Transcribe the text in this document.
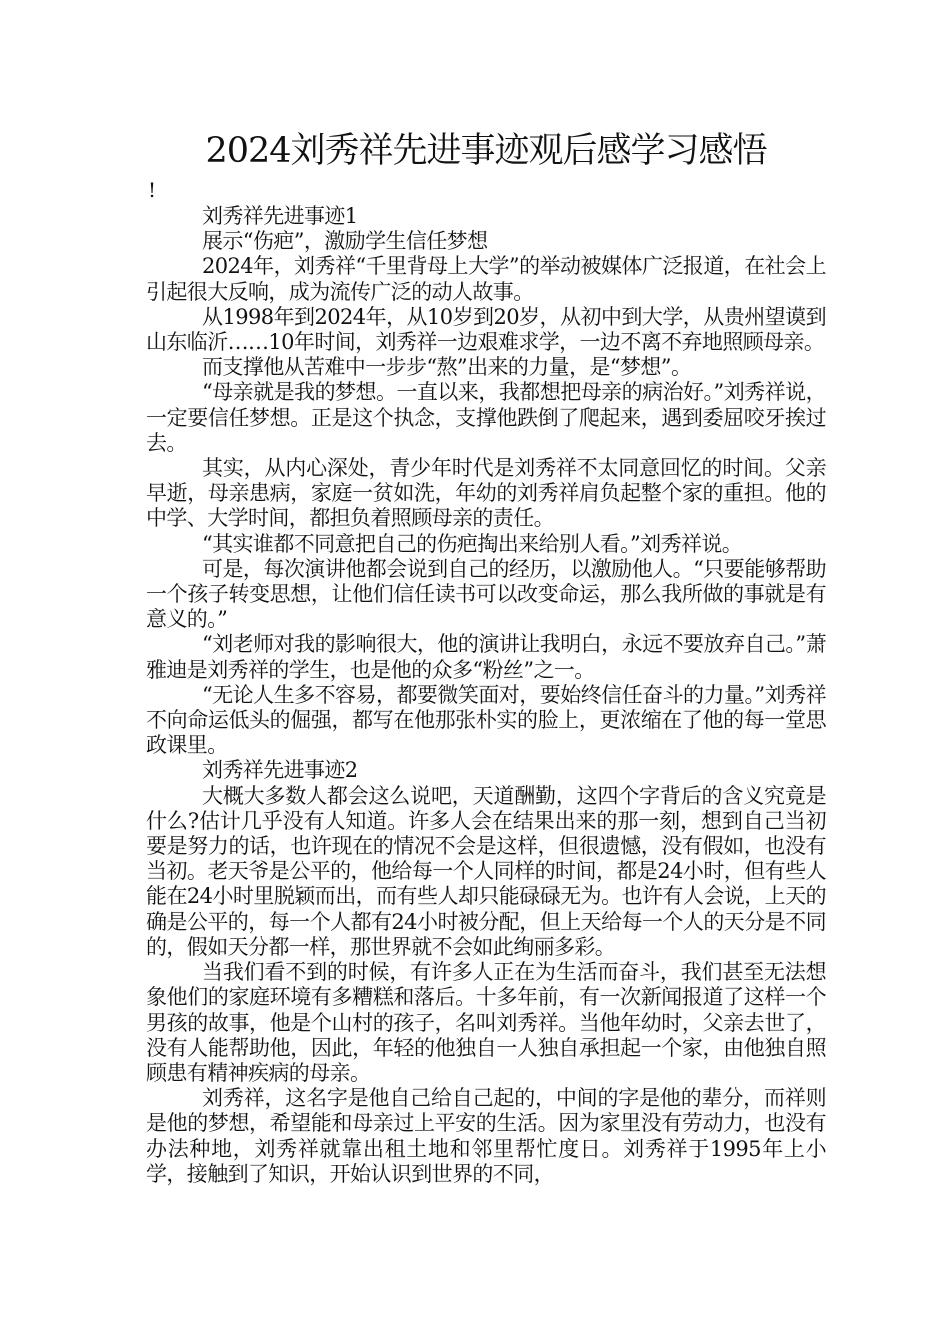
2024刘秀祥先进事迹观后感学习感悟
!

刘秀祥先进事迹1

展示“伤疤”，激励学生信任梦想

2024年，刘秀祥“千里背母上大学”的举动被媒体广泛报道，在社会上引起很大反响，成为流传广泛的动人故事。

从1998年到2024年，从10岁到20岁，从初中到大学，从贵州望谟到山东临沂……10年时间，刘秀祥一边艰难求学，一边不离不弃地照顾母亲。

而支撑他从苦难中一步步“熬”出来的力量，是“梦想”。

“母亲就是我的梦想。一直以来，我都想把母亲的病治好。”刘秀祥说，一定要信任梦想。正是这个执念，支撑他跌倒了爬起来，遇到委屈咬牙挨过去。

其实，从内心深处，青少年时代是刘秀祥不太同意回忆的时间。父亲早逝，母亲患病，家庭一贫如洗，年幼的刘秀祥肩负起整个家的重担。他的中学、大学时间，都担负着照顾母亲的责任。

“其实谁都不同意把自己的伤疤掏出来给别人看。”刘秀祥说。

可是，每次演讲他都会说到自己的经历，以激励他人。“只要能够帮助一个孩子转变思想，让他们信任读书可以改变命运，那么我所做的事就是有意义的。”

“刘老师对我的影响很大，他的演讲让我明白，永远不要放弃自己。”萧雅迪是刘秀祥的学生，也是他的众多“粉丝”之一。

“无论人生多不容易，都要微笑面对，要始终信任奋斗的力量。”刘秀祥不向命运低头的倔强，都写在他那张朴实的脸上，更浓缩在了他的每一堂思政课里。

刘秀祥先进事迹2

大概大多数人都会这么说吧，天道酬勤，这四个字背后的含义究竟是什么?估计几乎没有人知道。许多人会在结果出来的那一刻，想到自己当初要是努力的话，也许现在的情况不会是这样，但很遗憾，没有假如，也没有当初。老天爷是公平的，他给每一个人同样的时间，都是24小时，但有些人能在24小时里脱颖而出，而有些人却只能碌碌无为。也许有人会说，上天的确是公平的，每一个人都有24小时被分配，但上天给每一个人的天分是不同的，假如天分都一样，那世界就不会如此绚丽多彩。

当我们看不到的时候，有许多人正在为生活而奋斗，我们甚至无法想象他们的家庭环境有多糟糕和落后。十多年前，有一次新闻报道了这样一个男孩的故事，他是个山村的孩子，名叫刘秀祥。当他年幼时，父亲去世了，没有人能帮助他，因此，年轻的他独自一人独自承担起一个家，由他独自照顾患有精神疾病的母亲。

刘秀祥，这名字是他自己给自己起的，中间的字是他的辈分，而祥则是他的梦想，希望能和母亲过上平安的生活。因为家里没有劳动力，也没有办法种地，刘秀祥就靠出租土地和邻里帮忙度日。刘秀祥于1995年上小学，接触到了知识，开始认识到世界的不同，
